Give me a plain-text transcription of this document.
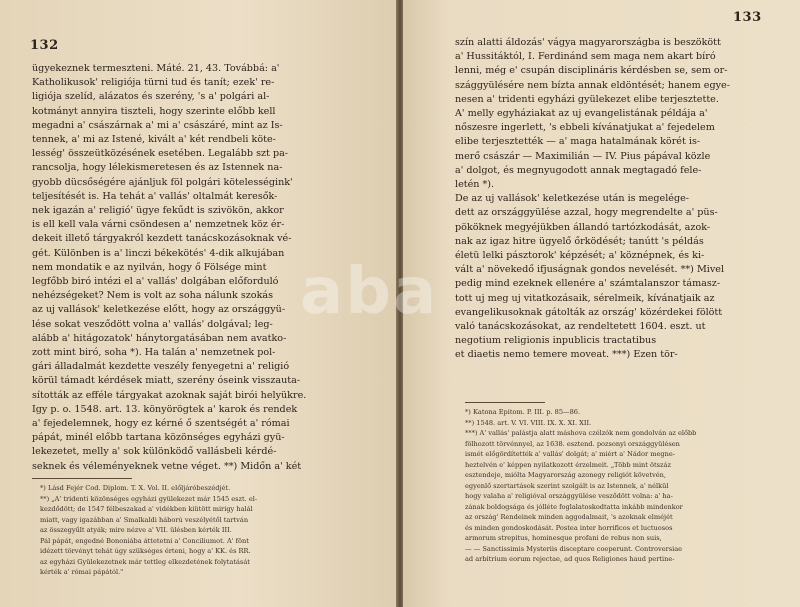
132
ügyekeznek termeszteni. Máté. 21, 43. Továbbá: a'
Katholikusok' religiója türni tud és tanít; ezek' re-
ligiója szelíd, alázatos és szerény, 's a' polgári al-
kotmányt annyira tiszteli, hogy szerinte előbb kell
megadni a' császárnak a' mi a' császáré, mint az Is-
tennek, a' mi az Istené, kivált a' két rendbeli köte-
lesség' összeütközésének esetében. Legalább szt pa-
rancsolja, hogy lélekismeretesen és az Istennek na-
gyobb dücsőségére ajánljuk föl polgári kötelességink'
teljesítését is. Ha tehát a' vallás' oltalmát keresők-
nek igazán a' religió' ügye fekűdt is szivökön, akkor
is ell kell vala várni csöndesen a' nemzetnek köz ér-
dekeit illető tárgyakról kezdett tanácskozásoknak vé-
gét. Különben is a' linczi békekötés' 4-dik alkujában
nem mondatik e az nyilván, hogy ő Fölsége mint
legfőbb biró intézi el a' vallás' dolgában előforduló
nehézségeket? Nem is volt az soha nálunk szokás
az uj vallások' keletkezése előtt, hogy az országgyü-
lése sokat vesződött volna a' vallás' dolgával; leg-
alább a' hitágozatok' hánytorgatásában nem avatko-
zott mint biró, soha *). Ha talán a' nemzetnek pol-
gári álladalmát kezdette veszély fenyegetni a' religió
körül támadt kérdések miatt, szerény óseink visszauta-
sították az efféle tárgyakat azoknak saját birói helyükre.
Igy p. o. 1548. art. 13. könyörögtek a' karok és rendek
a' fejedelemnek, hogy ez kérné ő szentségét a' római
pápát, minél előbb tartana közönséges egyházi gyü-
lekezetet, melly a' sok különködő vallásbeli kérdé-
seknek és véleményeknek vetne véget. **) Midőn a' két
*) Lásd Fejér Cod. Diplom. T. X. Vol. II. előljáróbeszédjét.
**) „A' tridenti közönséges egyházi gyülekezet már 1545 eszt. el-
kezdődött; de 1547 félbeszakad a' vidékben kiütött mirigy halál
miatt, vagy igazábban a' Smalkaldi háború veszélyétől tartván
az összegyűlt atyák; mire nézve a' VII. ülésben kérték III.
Pál pápát, engedné Bononiába áttetetni a' Conciliumot. A' fönt
idézett törvényt tehát úgy szükséges érteni, hogy a' KK. és RR.
az egyházi Gyülekezetnek már tettleg elkezdetének folytatását
kérték a' római pápától."
133
szín alatti áldozás' vágya magyarországba is beszökött
a' Hussitáktól, I. Ferdinánd sem maga nem akart bíró
lenni, még e' csupán disciplináris kérdésben se, sem or-
szággyülésére nem bízta annak eldöntését; hanem egye-
nesen a' tridenti egyházi gyülekezet elibe terjesztette.
A' melly egyháziakat az uj evangelistának példája a'
nőszesre ingerlett, 's ebbeli kívánatjukat a' fejedelem
elibe terjesztették — a' maga hatalmának körét is-
merő császár — Maximilián — IV. Pius pápával közle
a' dolgot, és megnyugodott annak megtagadó fele-
letén *).
De az uj vallások' keletkezése után is megelége-
dett az országgyülése azzal, hogy megrendelte a' püs-
pököknek megyéjükben állandó tartózkodását, azok-
nak az igaz hitre ügyelő őrködését; tanútt 's példás
életü lelki pásztorok' képzését; a' köznépnek, és ki-
vált a' növekedő ifjuságnak gondos nevelését. **) Mivel
pedig mind ezeknek ellenére a' számtalanszor támasz-
tott uj meg uj vitatkozásaik, sérelmeik, kívánatjaik az
evangelikusoknak gátolták az ország' közérdekei fölött
való tanácskozásokat, az rendeltetett 1604. eszt. ut
negotium religionis inpublicis tractatibus
et diaetis nemo temere moveat. ***) Ezen tör-
*) Katona Epitom. P. III. p. 85—86.
**) 1548. art. V. VI. VIII. IX. X. XI. XII.
***) A' vallás' palástja alatt máshova czélzók nem gondolván az előbb
fölhozott törvénnyel, az 1638. esztend. pozsonyi országgyülésen
ismét előgördítették a' vallás' dolgát; a' miért a' Nádor megne-
heztelvén e' képpen nyilatkozott érzelmeit. „Több mint ötszáz
esztendeje, miólta Magyarország azonegy religiót követvén,
egyenlő szertartások szerint szolgált is az Istennek, a' nélkül
hogy valaha a' religióval országgyülése vesződött volna: a' ha-
zának boldogsága és jólléte foglalatoskodtatta inkább mindenkor
az ország' Rendeinek minden aggodalmait, 's azoknak elméjét
és minden gondoskodását. Postea inter horrificos et luctuosos
armorum strepitus, hominesque profani de rebus non suis,
— — Sanctissimis Mysteriis disceptare coeperunt. Controversiae
ad arbitrium eorum rejectae, ad quos Religiones haud pertine-
aba
